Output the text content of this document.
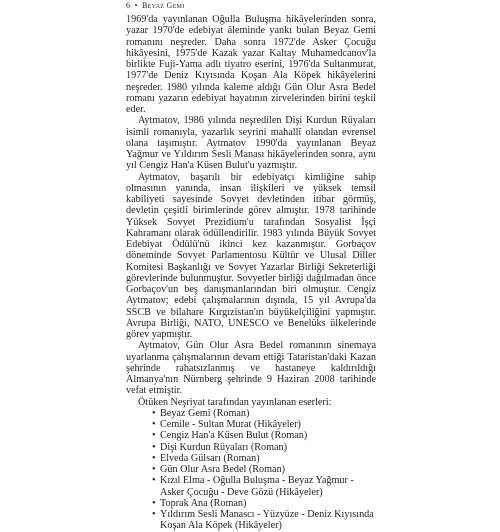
6 • Beyaz Gemi

1969'da yayınlanan Oğulla Buluşma hikâyelerinden sonra, yazar 1970'de edebiyat âleminde yankı bulan Beyaz Gemi romanını neşreder. Daha sonra 1972'de Asker Çocuğu hikâyesini, 1975'de Kazak yazar Kaltay Muhamedcanov'la birlikte Fuji-Yama adlı tiyatro eserini, 1976'da Sultanmurat, 1977'de Deniz Kıyısında Koşan Ala Köpek hikâyelerini neşreder. 1980 yılında kaleme aldığı Gün Olur Asra Bedel romanı yazarın edebiyat hayatının zirvelerinden birini teşkil eder.

Aytmatov, 1986 yılında neşredilen Dişi Kurdun Rüyaları isimli romanıyla, yazarlık seyrini mahallî olandan evrensel olana taşımıştır. Aytmatov 1990'da yayınlanan Beyaz Yağmur ve Yıldırım Sesli Manası hikâyelerinden sonra, aynı yıl Cengiz Han'a Küsen Bulut'u yazmıştır.

Aytmatov, başarılı bir edebiyatçı kimliğine sahip olmasının yanında, insan ilişkileri ve yüksek temsil kabiliyeti sayesinde Sovyet devletinden itibar görmüş, devletin çeşitli birimlerinde görev almıştır. 1978 tarihinde Yüksek Sovyet Prezidium'u tarafından Sosyalist İşçi Kahramanı olarak ödüllendirilir. 1983 yılında Büyük Sovyet Edebiyat Ödülü'nü ikinci kez kazanmıştır. Gorbaçov döneminde Sovyet Parlamentosu Kültür ve Ulusal Diller Komitesi Başkanlığı ve Sovyet Yazarlar Birliği Sekreterliği görevlerinde bulunmuştur. Sovyetler birliği dağılmadan önce Gorbaçov'un beş danışmanlarından biri olmuştur. Cengiz Aytmatov; edebi çalışmalarının dışında, 15 yıl Avrupa'da SSCB ve bilahare Kırgızistan'ın büyükelçiliğini yapmıştır. Avrupa Birliği, NATO, UNESCO ve Benelüks ülkelerinde görev yapmıştır.

Aytmatov, Gün Olur Asra Bedel romanının sinemaya uyarlanma çalışmalarının devam ettiği Tataristan'daki Kazan şehrinde rahatsızlanmış ve hastaneye kaldırıldığı Almanya'nın Nürnberg şehrinde 9 Haziran 2008 tarihinde vefat etmiştir.

Ötüken Neşriyat tarafından yayınlanan eserleri:

• Beyaz Gemi (Roman)
• Cemile - Sultan Murat (Hikâyeler)
• Cengiz Han'a Küsen Bulut (Roman)
• Dişi Kurdun Rüyaları (Roman)
• Elveda Gülsarı (Roman)
• Gün Olur Asra Bedel (Roman)
• Kızıl Elma - Oğulla Buluşma - Beyaz Yağmur - Asker Çocuğu - Deve Gözü (Hikâyeler)
• Toprak Ana (Roman)
• Yıldırım Sesli Manascı - Yüzyüze - Deniz Kıyısında Koşan Ala Köpek (Hikâyeler)
